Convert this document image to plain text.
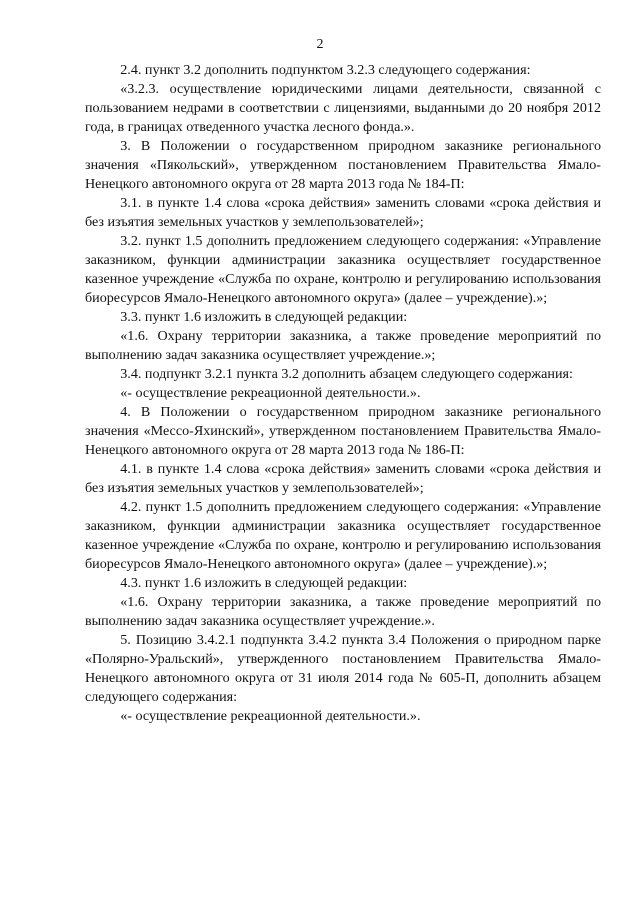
2

2.4. пункт 3.2 дополнить подпунктом 3.2.3 следующего содержания:

«3.2.3. осуществление юридическими лицами деятельности, связанной с пользованием недрами в соответствии с лицензиями, выданными до 20 ноября 2012 года, в границах отведенного участка лесного фонда.».

3. В Положении о государственном природном заказнике регионального значения «Пякольский», утвержденном постановлением Правительства Ямало-Ненецкого автономного округа от 28 марта 2013 года № 184-П:

3.1. в пункте 1.4 слова «срока действия» заменить словами «срока действия и без изъятия земельных участков у землепользователей»;

3.2. пункт 1.5 дополнить предложением следующего содержания: «Управление заказником, функции администрации заказника осуществляет государственное казенное учреждение «Служба по охране, контролю и регулированию использования биоресурсов Ямало-Ненецкого автономного округа» (далее – учреждение).»;

3.3. пункт 1.6 изложить в следующей редакции:

«1.6. Охрану территории заказника, а также проведение мероприятий по выполнению задач заказника осуществляет учреждение.»;

3.4. подпункт 3.2.1 пункта 3.2 дополнить абзацем следующего содержания:

«- осуществление рекреационной деятельности.».

4. В Положении о государственном природном заказнике регионального значения «Мессо-Яхинский», утвержденном постановлением Правительства Ямало-Ненецкого автономного округа от 28 марта 2013 года № 186-П:

4.1. в пункте 1.4 слова «срока действия» заменить словами «срока действия и без изъятия земельных участков у землепользователей»;

4.2. пункт 1.5 дополнить предложением следующего содержания: «Управление заказником, функции администрации заказника осуществляет государственное казенное учреждение «Служба по охране, контролю и регулированию использования биоресурсов Ямало-Ненецкого автономного округа» (далее – учреждение).»;

4.3. пункт 1.6 изложить в следующей редакции:

«1.6. Охрану территории заказника, а также проведение мероприятий по выполнению задач заказника осуществляет учреждение.».

5. Позицию 3.4.2.1 подпункта 3.4.2 пункта 3.4 Положения о природном парке «Полярно-Уральский», утвержденного постановлением Правительства Ямало-Ненецкого автономного округа от 31 июля 2014 года № 605-П, дополнить абзацем следующего содержания:

«- осуществление рекреационной деятельности.».
